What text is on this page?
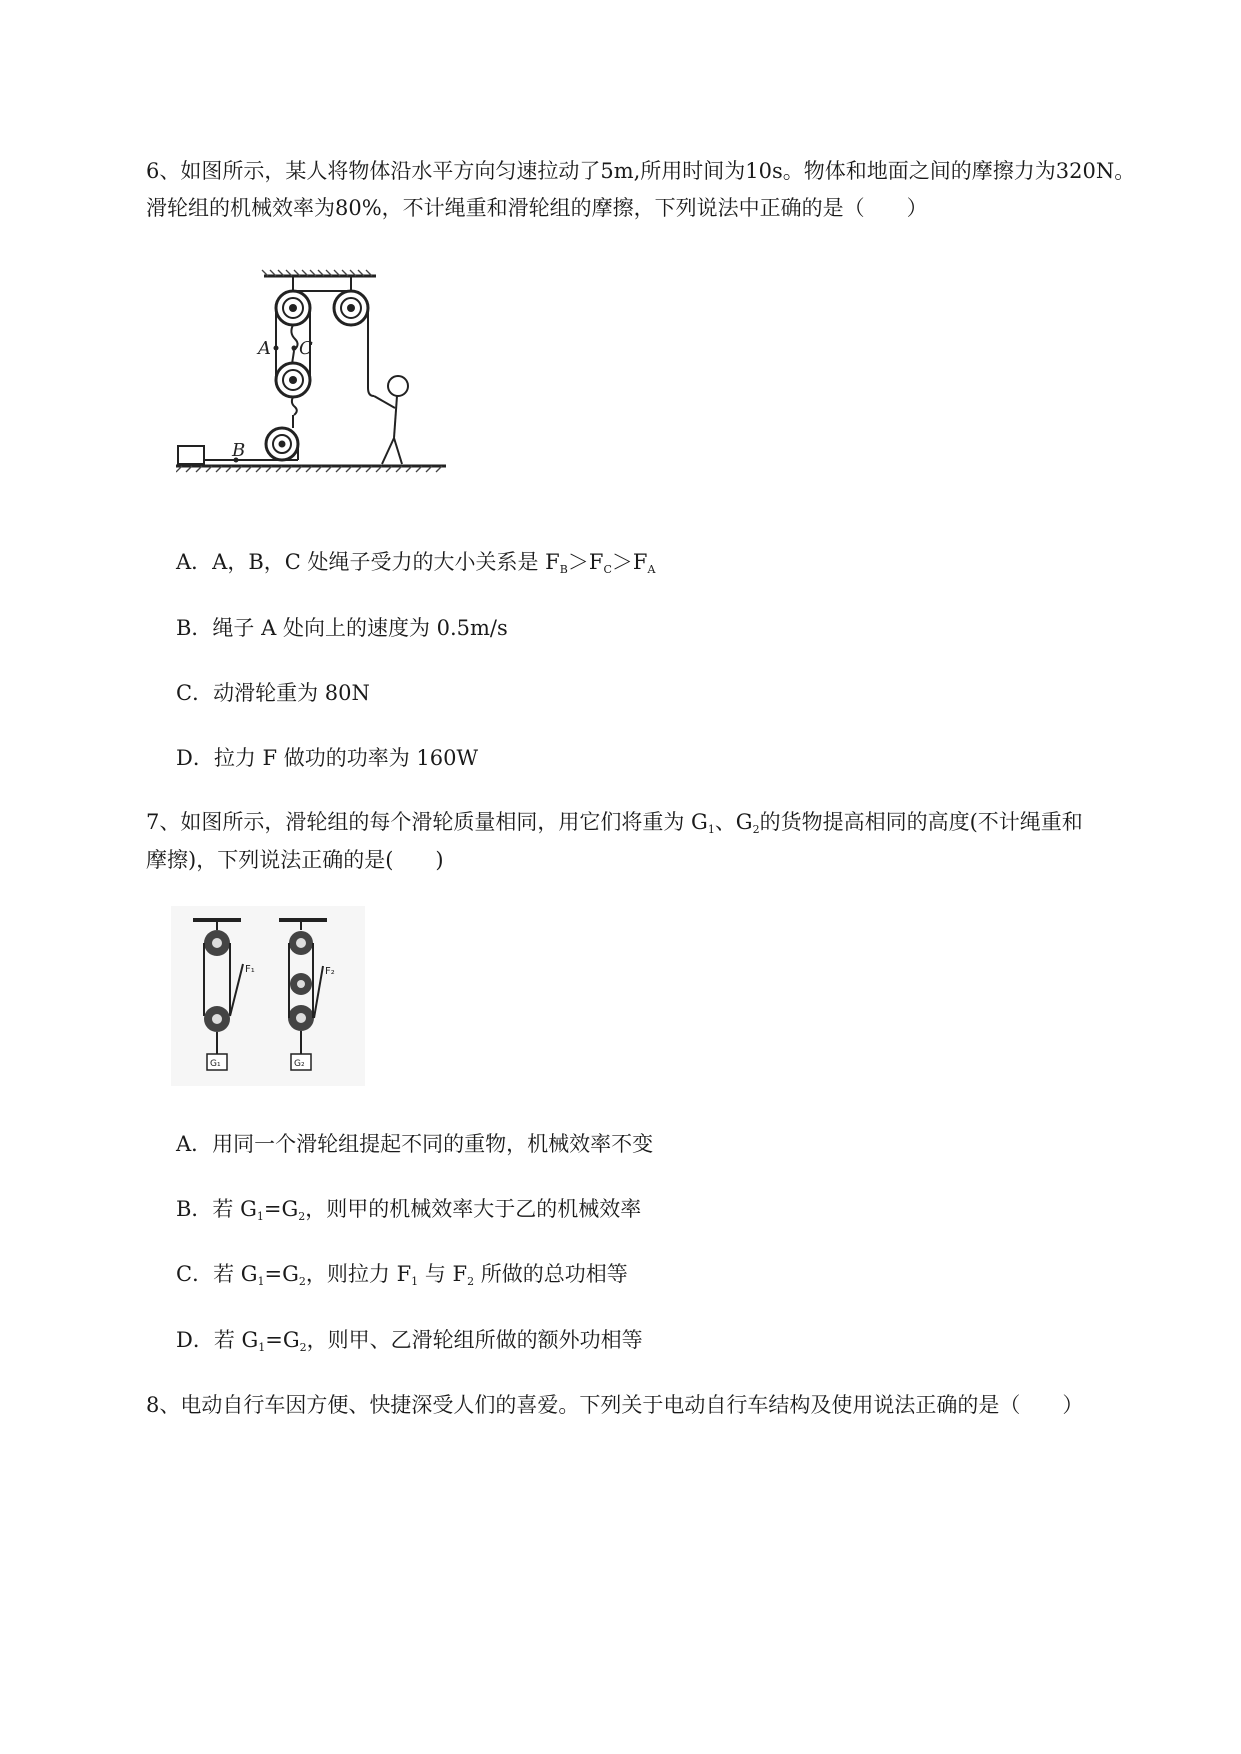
6、如图所示，某人将物体沿水平方向匀速拉动了5m,所用时间为10s。物体和地面之间的摩擦力为320N。
滑轮组的机械效率为80%，不计绳重和滑轮组的摩擦，下列说法中正确的是（　　）
A C
B
A．A，B，C 处绳子受力的大小关系是 $F_B>F_C>F_A$
B．绳子 A 处向上的速度为 0.5m/s
C．动滑轮重为 80N
D．拉力 F 做功的功率为 160W
7、如图所示，滑轮组的每个滑轮质量相同，用它们将重为 $G_1$、$G_2$的货物提高相同的高度(不计绳重和
摩擦)，下列说法正确的是(　　)
F₁
G₁
F₂
G₂
A．用同一个滑轮组提起不同的重物，机械效率不变
B．若 $G_1=G_2$，则甲的机械效率大于乙的机械效率
C．若 $G_1=G_2$，则拉力 $F_1$ 与 $F_2$ 所做的总功相等
D．若 $G_1=G_2$，则甲、乙滑轮组所做的额外功相等
8、电动自行车因方便、快捷深受人们的喜爱。下列关于电动自行车结构及使用说法正确的是（　　）
